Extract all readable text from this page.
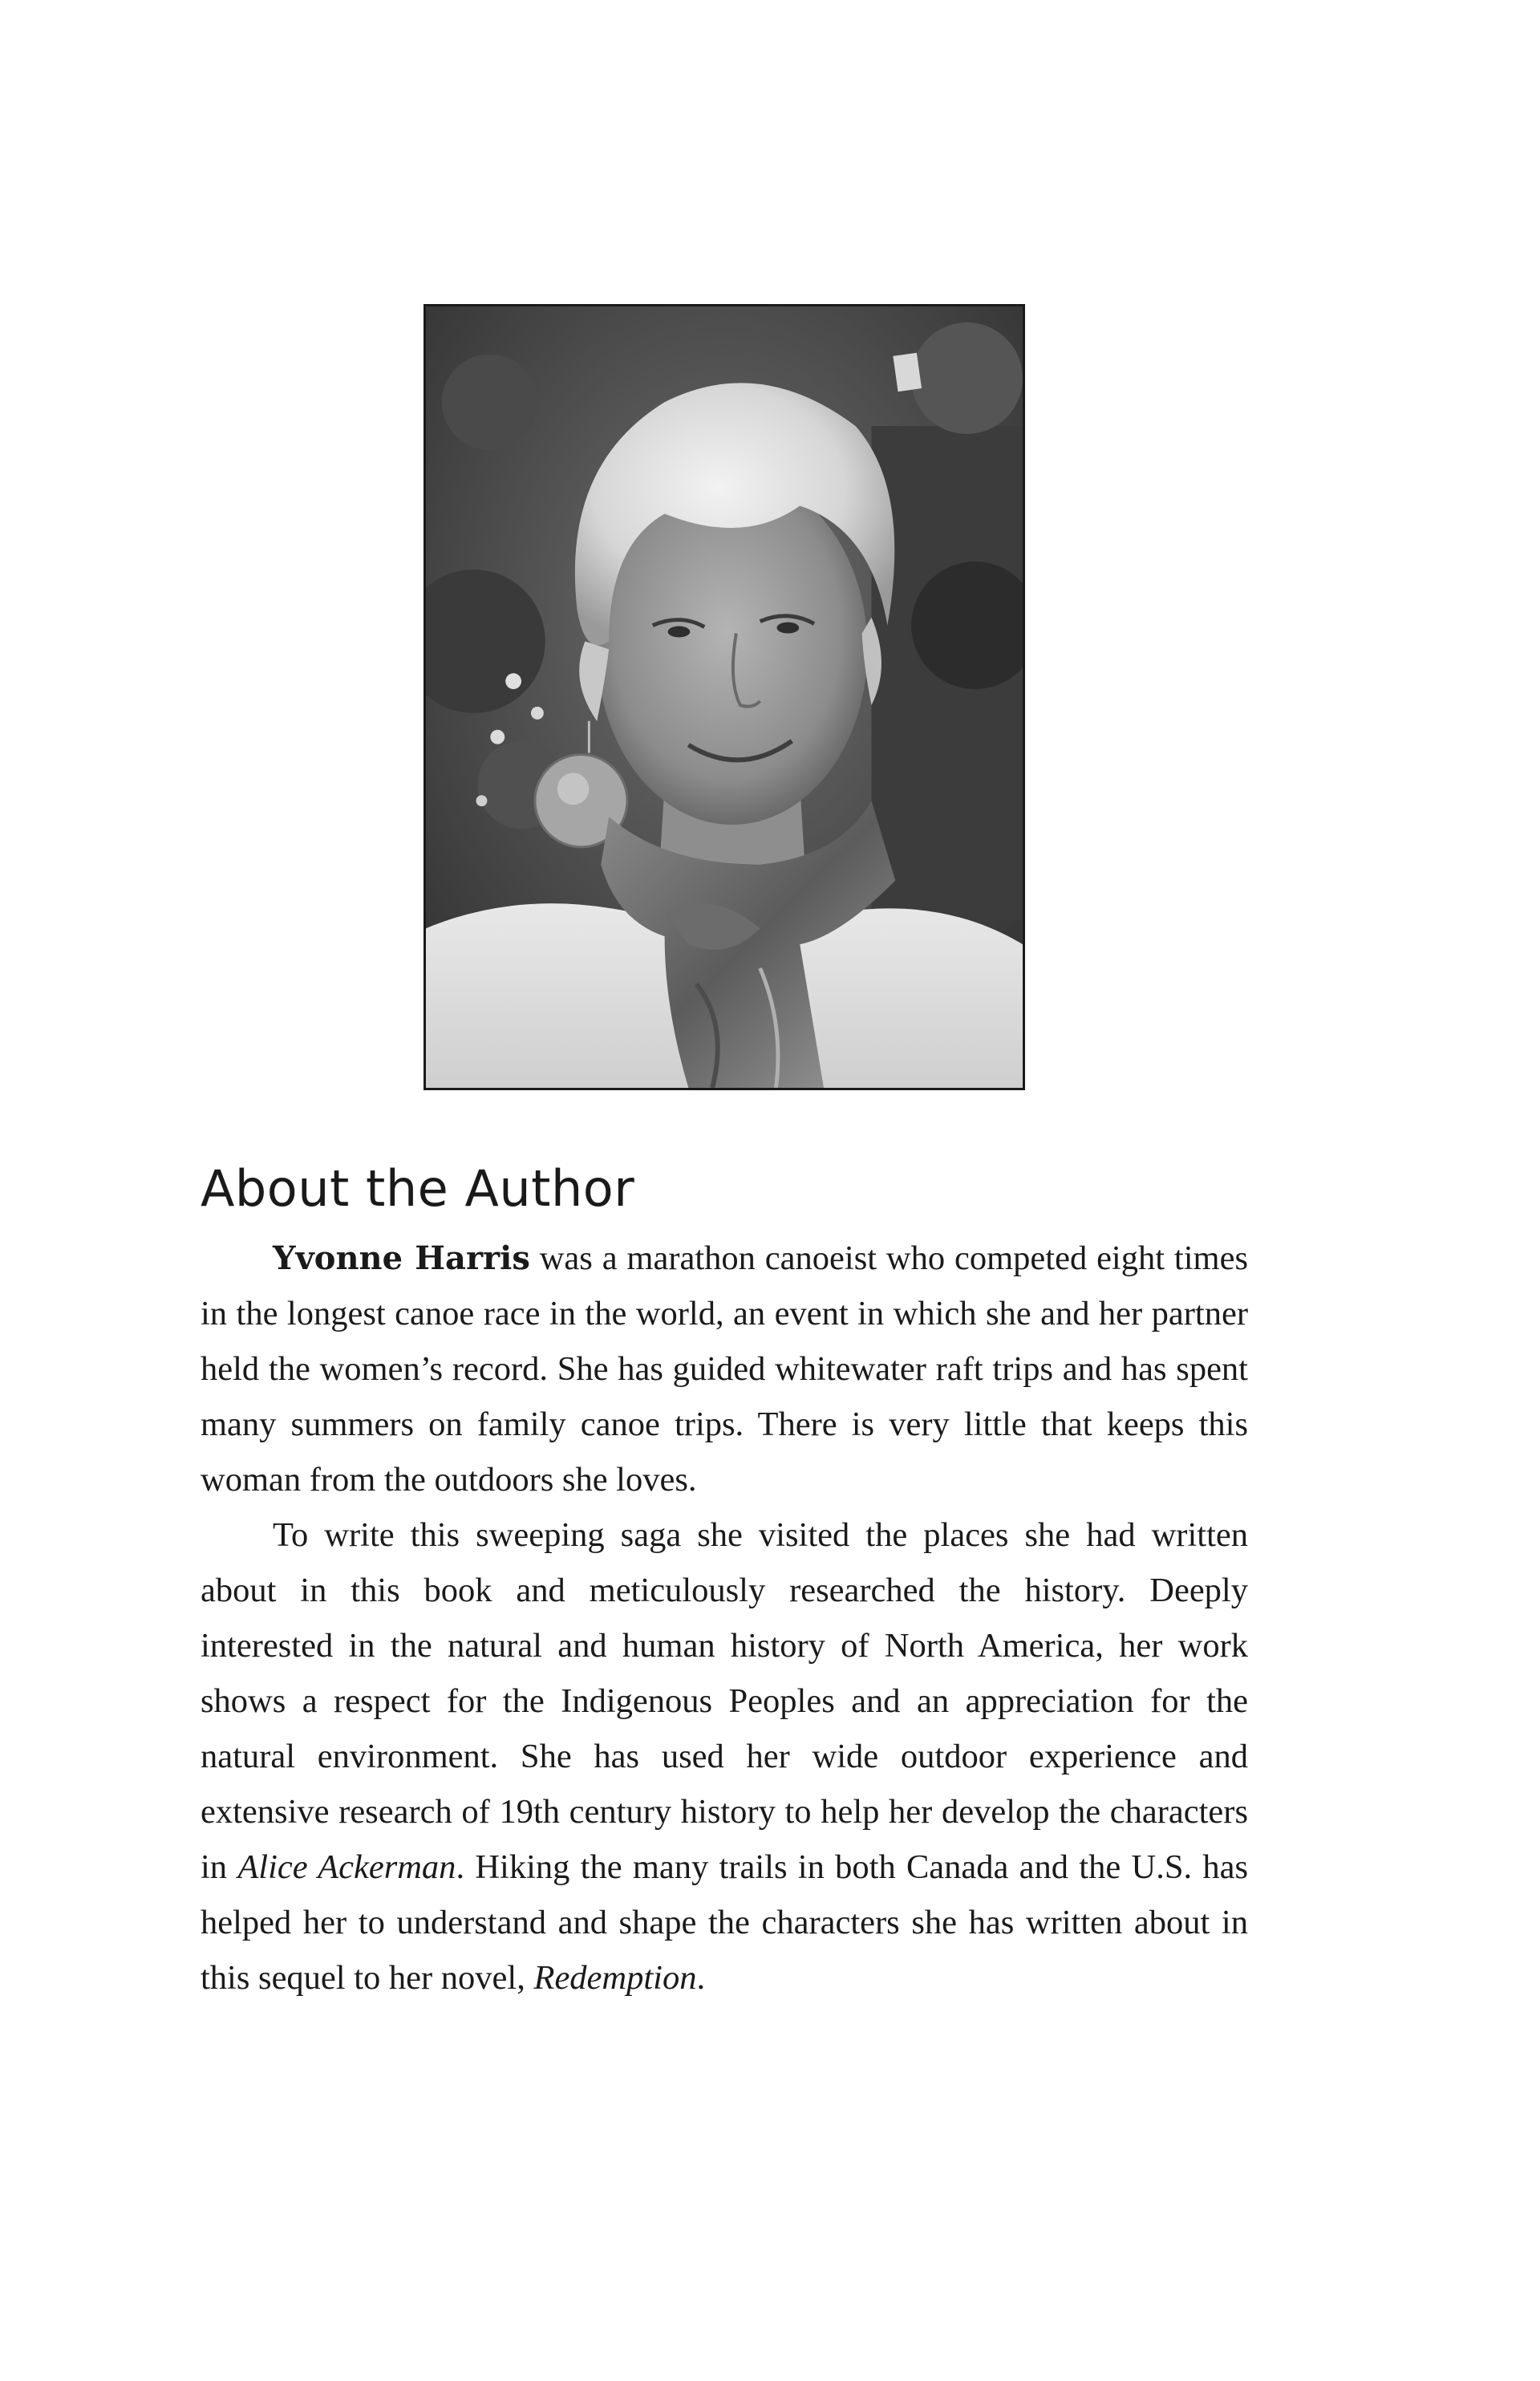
About the Author

Yvonne Harris was a marathon canoeist who competed eight times in the longest canoe race in the world, an event in which she and her partner held the women’s record. She has guided whitewater raft trips and has spent many summers on family canoe trips. There is very little that keeps this woman from the outdoors she loves.

To write this sweeping saga she visited the places she had written about in this book and meticulously researched the history. Deeply interested in the natural and human history of North America, her work shows a respect for the Indigenous Peoples and an appreciation for the natural environment. She has used her wide outdoor experience and extensive research of 19th century history to help her develop the characters in Alice Ackerman. Hiking the many trails in both Canada and the U.S. has helped her to understand and shape the characters she has written about in this sequel to her novel, Redemption.
